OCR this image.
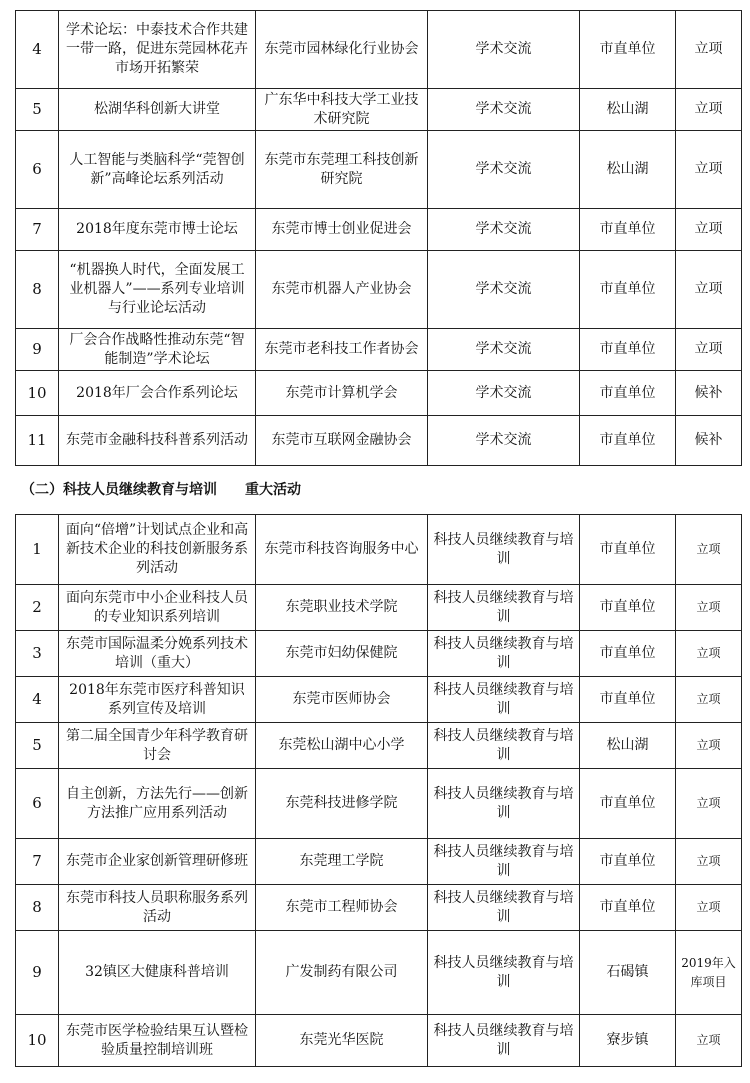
4	学术论坛：中泰技术合作共建一带一路，促进东莞园林花卉市场开拓繁荣	东莞市园林绿化行业协会	学术交流	市直单位	立项
5	松湖华科创新大讲堂	广东华中科技大学工业技术研究院	学术交流	松山湖	立项
6	人工智能与类脑科学“莞智创新”高峰论坛系列活动	东莞市东莞理工科技创新研究院	学术交流	松山湖	立项
7	2018年度东莞市博士论坛	东莞市博士创业促进会	学术交流	市直单位	立项
8	“机器换人时代，全面发展工业机器人”——系列专业培训与行业论坛活动	东莞市机器人产业协会	学术交流	市直单位	立项
9	厂会合作战略性推动东莞“智能制造”学术论坛	东莞市老科技工作者协会	学术交流	市直单位	立项
10	2018年厂会合作系列论坛	东莞市计算机学会	学术交流	市直单位	候补
11	东莞市金融科技科普系列活动	东莞市互联网金融协会	学术交流	市直单位	候补
（二）科技人员继续教育与培训 重大活动
1	面向“倍增”计划试点企业和高新技术企业的科技创新服务系列活动	东莞市科技咨询服务中心	科技人员继续教育与培训	市直单位	立项
2	面向东莞市中小企业科技人员的专业知识系列培训	东莞职业技术学院	科技人员继续教育与培训	市直单位	立项
3	东莞市国际温柔分娩系列技术培训（重大）	东莞市妇幼保健院	科技人员继续教育与培训	市直单位	立项
4	2018年东莞市医疗科普知识系列宣传及培训	东莞市医师协会	科技人员继续教育与培训	市直单位	立项
5	第二届全国青少年科学教育研讨会	东莞松山湖中心小学	科技人员继续教育与培训	松山湖	立项
6	自主创新，方法先行——创新方法推广应用系列活动	东莞科技进修学院	科技人员继续教育与培训	市直单位	立项
7	东莞市企业家创新管理研修班	东莞理工学院	科技人员继续教育与培训	市直单位	立项
8	东莞市科技人员职称服务系列活动	东莞市工程师协会	科技人员继续教育与培训	市直单位	立项
9	32镇区大健康科普培训	广发制药有限公司	科技人员继续教育与培训	石碣镇	2019年入库项目
10	东莞市医学检验结果互认暨检验质量控制培训班	东莞光华医院	科技人员继续教育与培训	寮步镇	立项
